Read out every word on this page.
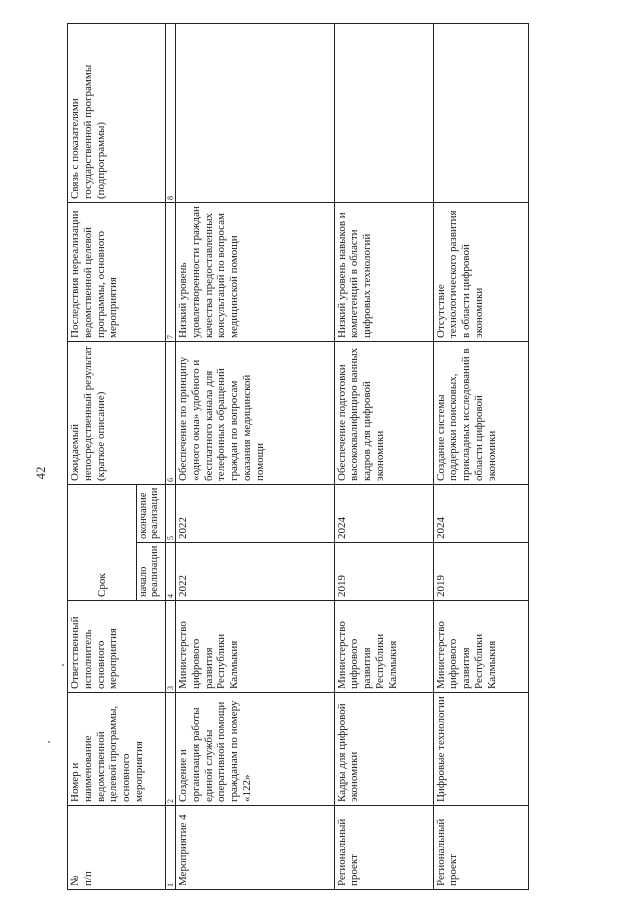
42
№
п/п	Номер и наименование ведомственной целевой программы, основного мероприятия	Ответственный исполнитель основного мероприятия	Срок		Ожидаемый непосредственный результат (краткое описание)	Последствия нереализации ведомственной целевой программы, основного мероприятия	Связь с показателями государственной программы (подпрограммы)
			начало реализации	окончание реализации			
1	2	3	4	5	6	7	8
Мероприятие 4	Создение и организация работы единой службы оперативной помощи гражданам по номеру «122»	Министерство цифрового развития Республики Калмыкия	2022	2022	Обеспечение по принципу «одного окна» удобного и бесплатного канала для телефонных обращений граждан по вопросам оказания медицинской помощи	Низкий уровень удовлетворенности граждан качества предоставленных консультаций по вопросам медицинской помощи	
Региональный проект	Кадры для цифровой экономики	Министерство цифрового развития Республики Калмыкия	2019	2024	Обеспечение подготовки высококвалифициро ванных кадров для цифровой экономики	Низкий уровень навыков и компетенций в области цифровых технологий	
Региональный проект	Цифровые технологии	Министерство цифрового развития Республики Калмыкия	2019	2024	Создание системы поддержки поисковых, прикладных исследований в области цифровой экономики	Отсутствие технологического развития в области цифровой экономики	
